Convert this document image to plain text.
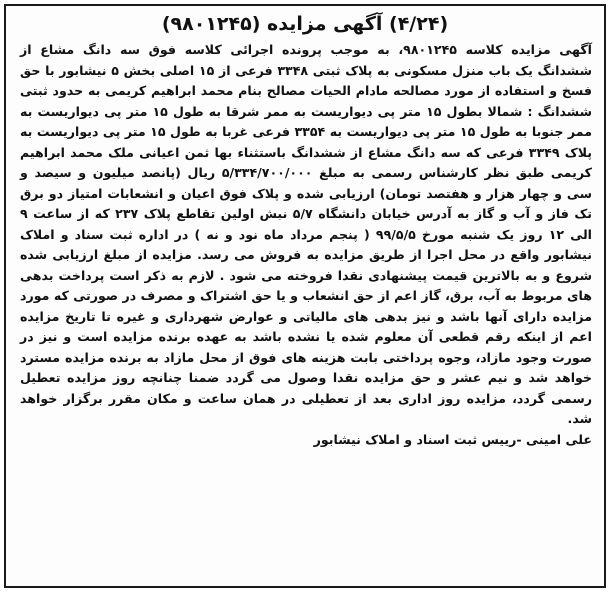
(۴/۲۴) آگهی مزایده (۹۸۰۱۲۴۵)

آگهی مزایده کلاسه ۹۸۰۱۲۴۵، به موجب پرونده اجرائی کلاسه فوق سه دانگ مشاع از ششدانگ یک باب منزل مسکونی به پلاک ثبتی ۳۳۴۸ فرعی از ۱۵ اصلی بخش ۵ نیشابور با حق فسخ و استفاده از مورد مصالحه مادام الحیات مصالح بنام محمد ابراهیم کریمی به حدود ثبتی ششدانگ : شمالا بطول ۱۵ متر پی دیواریست به ممر شرقا به طول ۱۵ متر پی دیواریست به ممر جنوبا به طول ۱۵ متر پی دیواریست به ۳۳۵۴ فرعی غربا به طول ۱۵ متر پی دیواریست به پلاک ۳۳۴۹ فرعی که سه دانگ مشاع از ششدانگ باستثناء بها ثمن اعیانی ملک محمد ابراهیم کریمی طبق نظر کارشناس رسمی به مبلغ ۵/۳۳۴/۷۰۰/۰۰۰ ریال (پانصد میلیون و سیصد و سی و چهار هزار و هفتصد تومان) ارزیابی شده و پلاک فوق اعیان و انشعابات امتیاز دو برق تک فاز و آب و گاز به آدرس خیابان دانشگاه ۵/۷ نبش اولین تقاطع پلاک ۲۳۷ که از ساعت ۹ الی ۱۲ روز یک شنبه مورخ ۹۹/۵/۵ ( پنجم مرداد ماه نود و نه ) در اداره ثبت سناد و املاک نیشابور واقع در محل اجرا از طریق مزایده به فروش می رسد. مزایده از مبلغ ارزیابی شده شروع و به بالاترین قیمت پیشنهادی نقدا فروخته می شود . لازم به ذکر است پرداخت بدهی های مربوط به آب، برق، گاز اعم از حق انشعاب و یا حق اشتراک و مصرف در صورتی که مورد مزایده دارای آنها باشد و نیز بدهی های مالیاتی و عوارض شهرداری و غیره تا تاریخ مزایده اعم از اینکه رقم قطعی آن معلوم شده یا نشده باشد به عهده برنده مزایده است و نیز در صورت وجود مازاد، وجوه پرداختی بابت هزینه های فوق از محل مازاد به برنده مزایده مسترد خواهد شد و نیم عشر و حق مزایده نقدا وصول می گردد ضمنا چنانچه روز مزایده تعطیل رسمی گردد، مزایده روز اداری بعد از تعطیلی در همان ساعت و مکان مقرر برگزار خواهد شد.

علی امینی -رییس ثبت اسناد و املاک نیشابور
